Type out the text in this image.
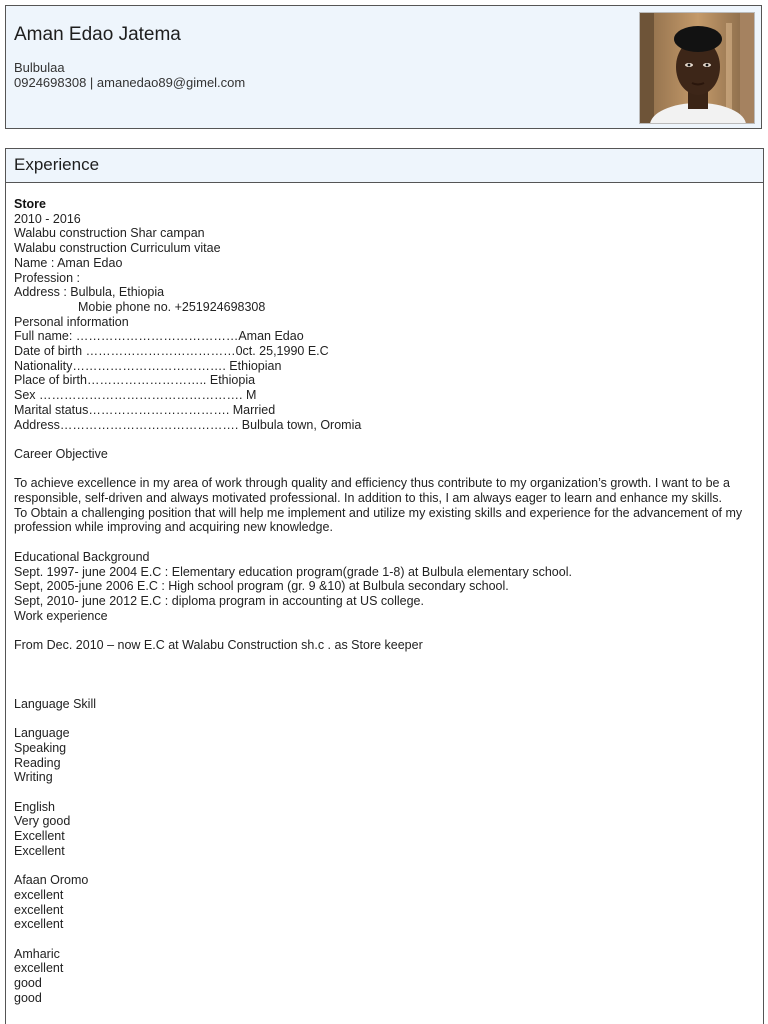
Aman Edao Jatema
Bulbulaa
0924698308 | amanedao89@gimel.com
Experience
Store
2010 - 2016
Walabu construction Shar campan
Walabu construction Curriculum vitae
Name : Aman Edao
Profession :
Address : Bulbula, Ethiopia
Mobie phone no. +251924698308
Personal information
Full name: …………………………………Aman Edao
Date of birth ………………………………0ct. 25,1990 E.C
Nationality………………………………. Ethiopian
Place of birth……………………….. Ethiopia
Sex …………………………………………. M
Marital status……………………………. Married
Address……………………………………. Bulbula town, Oromia
Career Objective
To achieve excellence in my area of work through quality and efficiency thus contribute to my organization’s growth. I want to be a responsible, self-driven and always motivated professional. In addition to this, I am always eager to learn and enhance my skills.
To Obtain a challenging position that will help me implement and utilize my existing skills and experience for the advancement of my profession while improving and acquiring new knowledge.
Educational Background
Sept. 1997- june 2004 E.C : Elementary education program(grade 1-8) at Bulbula elementary school.
Sept, 2005-june 2006 E.C : High school program (gr. 9 &10) at Bulbula secondary school.
Sept, 2010- june 2012 E.C : diploma program in accounting at US college.
Work experience
From Dec. 2010 – now E.C at Walabu Construction sh.c . as Store keeper
Language Skill
Language
Speaking
Reading
Writing
English
Very good
Excellent
Excellent
Afaan Oromo
excellent
excellent
excellent
Amharic
excellent
good
good
